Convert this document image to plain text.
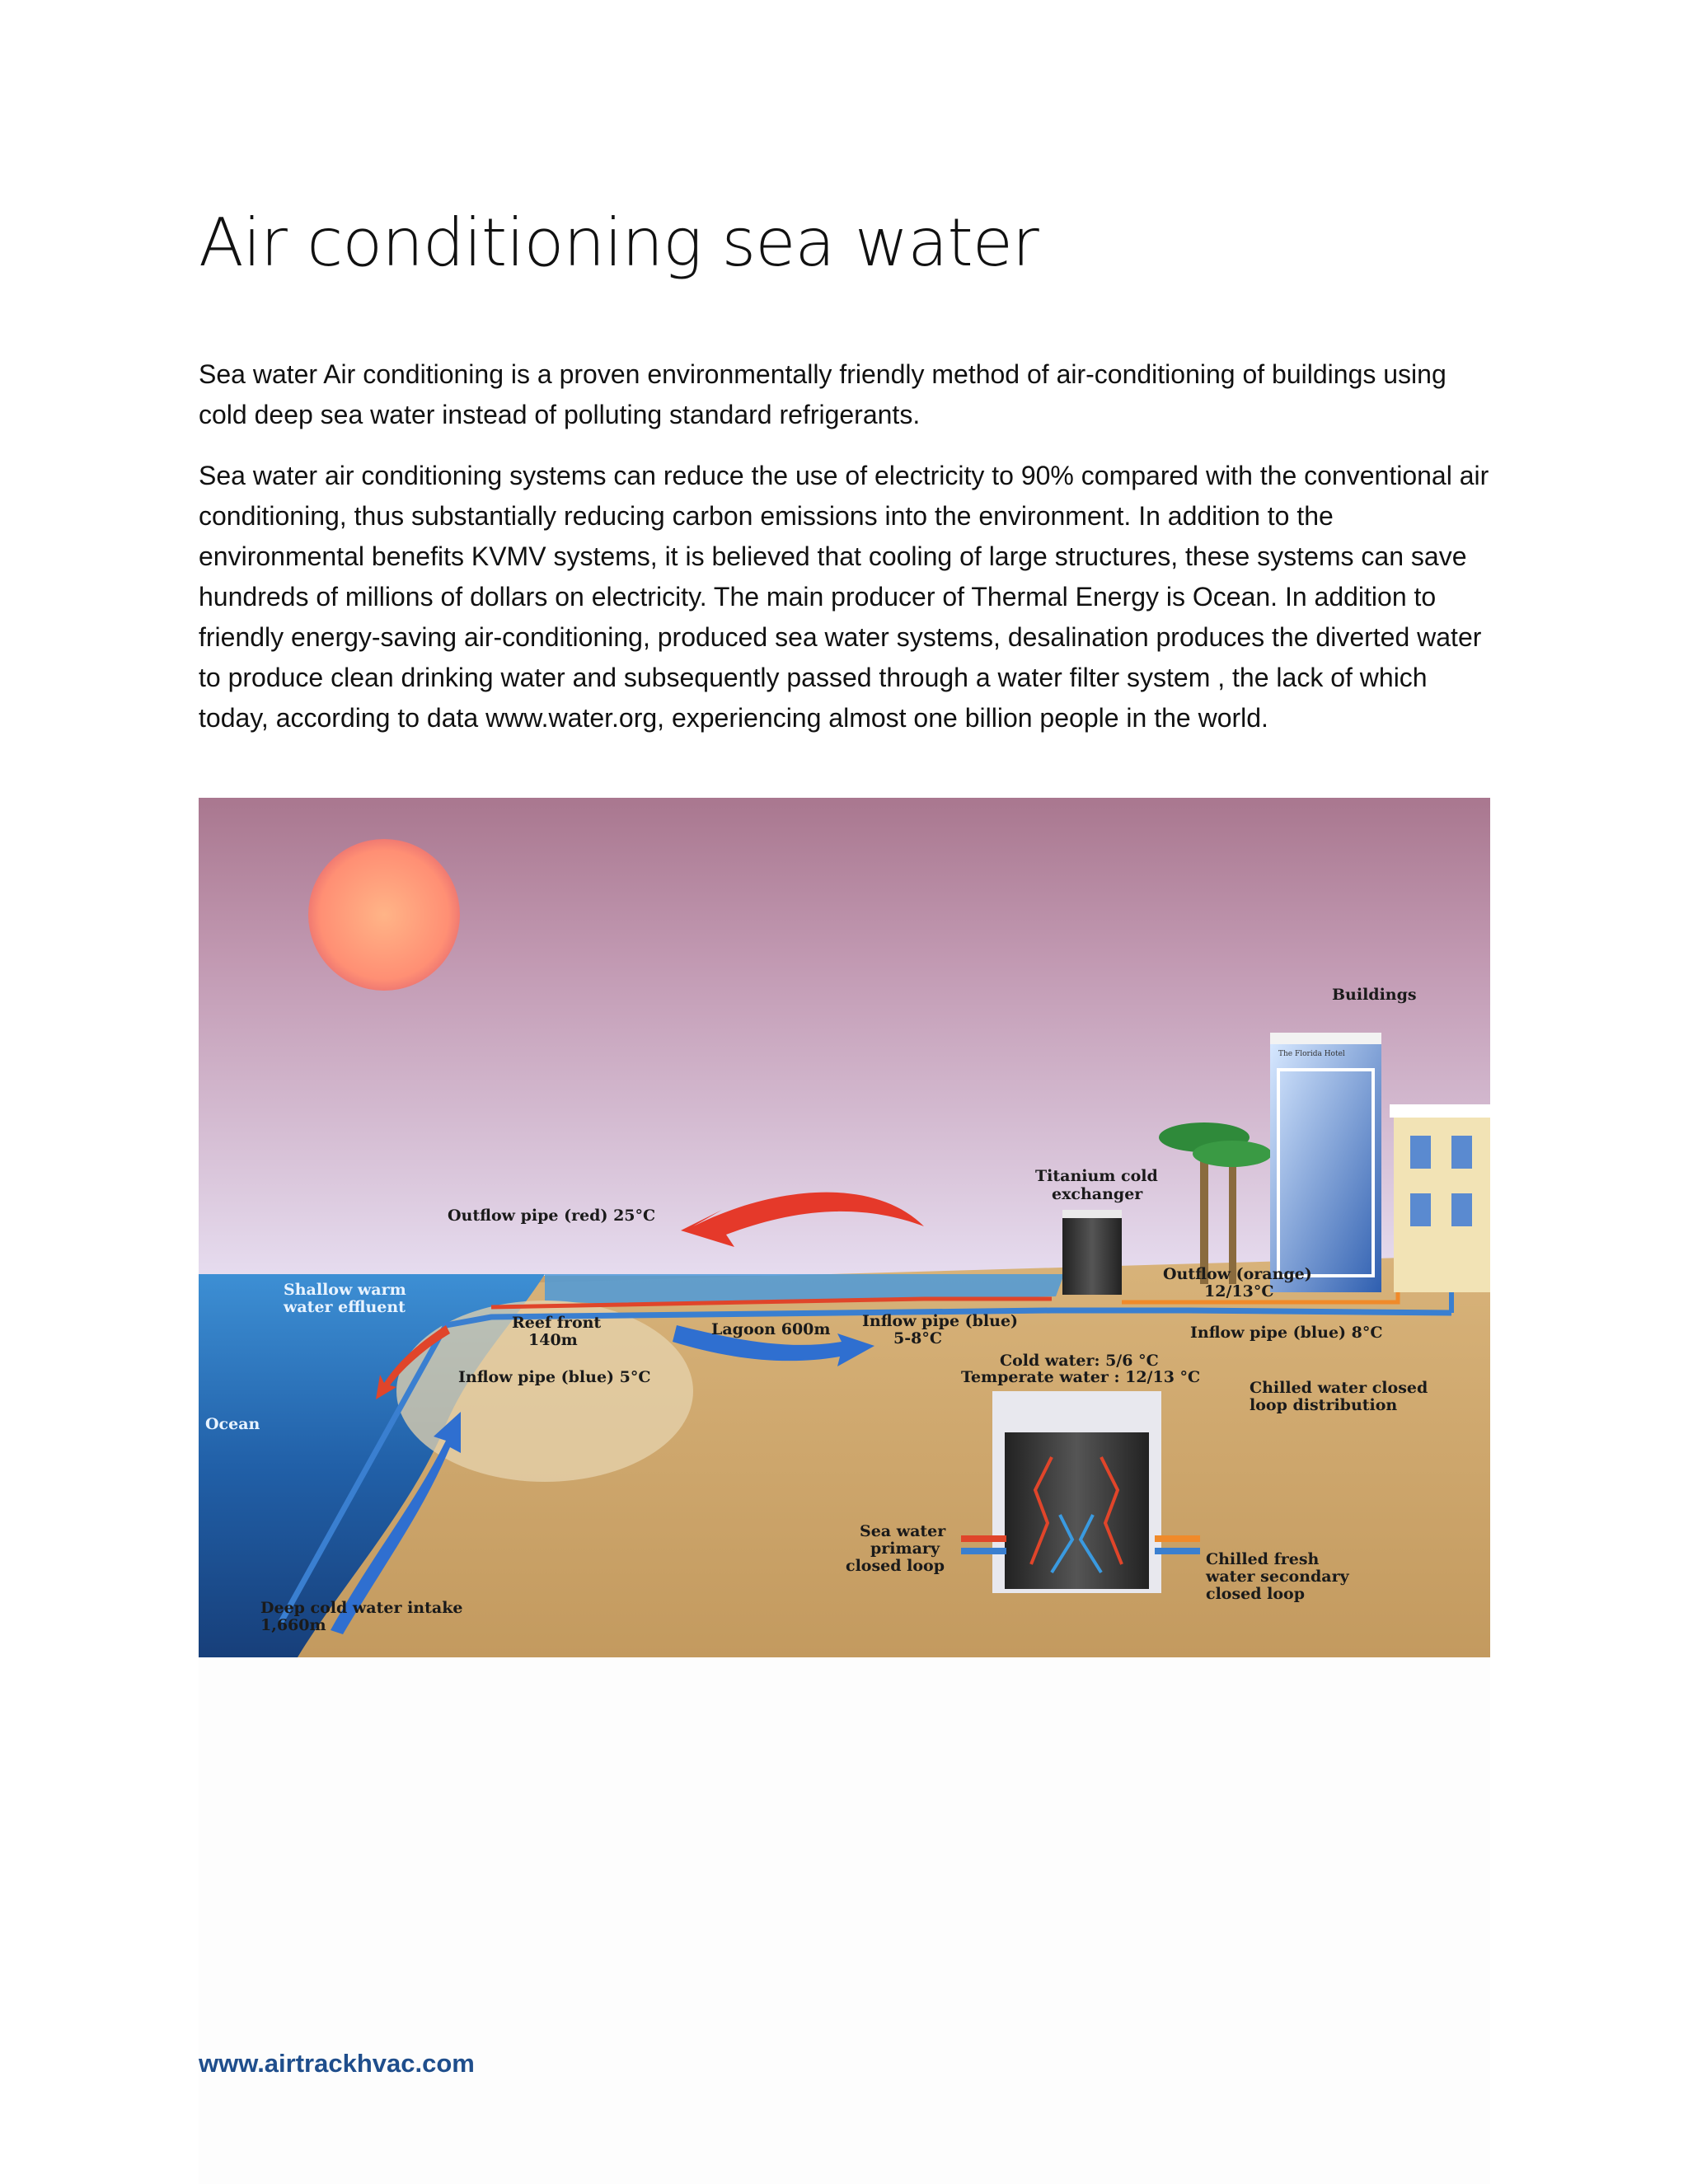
Air conditioning sea water

Sea water Air conditioning is a proven environmentally friendly method of air-conditioning of buildings using cold deep sea water instead of polluting standard refrigerants.

Sea water air conditioning systems can reduce the use of electricity to 90% compared with the conventional air conditioning, thus substantially reducing carbon emissions into the environment. In addition to the environmental benefits KVMV systems, it is believed that cooling of large structures, these systems can save hundreds of millions of dollars on electricity. The main producer of Thermal Energy is Ocean. In addition to friendly energy-saving air-conditioning, produced sea water systems, desalination produces the diverted water to produce clean drinking water and subsequently passed through a water filter system , the lack of which today, according to data www.water.org, experiencing almost one billion people in the world.

The Florida Hotel
Buildings
Titanium cold
exchanger
Outflow pipe (red) 25°C
Shallow warm
water effluent
Reef front
140m
Lagoon 600m Inflow pipe (blue)
5-8°C
Outflow (orange)
12/13°C
Inflow pipe (blue) 8°C
Cold water: 5/6 °C
Temperate water : 12/13 °C
Chilled water closed
loop distribution
Inflow pipe (blue) 5°C
Ocean
Sea water
primary
closed loop	Chilled fresh
water secondary
closed loop
Deep cold water intake
1,660m
www.airtrackhvac.com
